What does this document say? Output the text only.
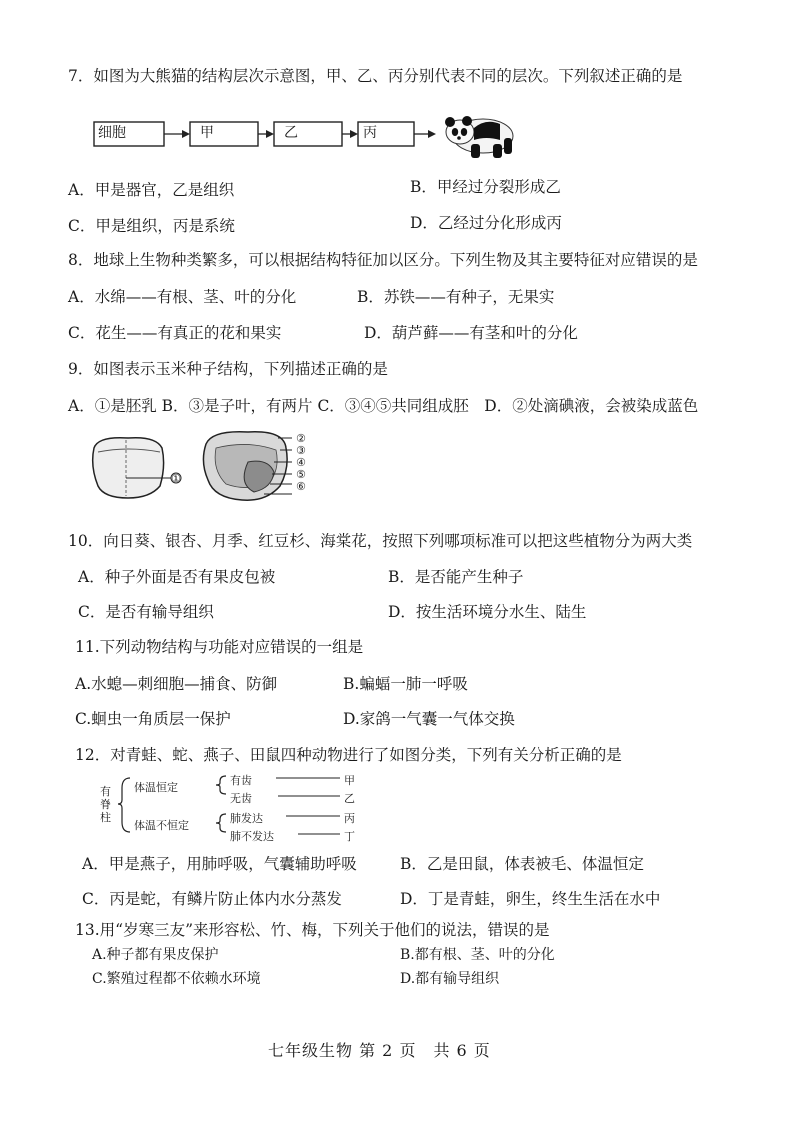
7．如图为大熊猫的结构层次示意图，甲、乙、丙分别代表不同的层次。下列叙述正确的是
细胞	甲	乙	丙
A．甲是器官，乙是组织	B．甲经过分裂形成乙
C．甲是组织，丙是系统	D．乙经过分化形成丙
8．地球上生物种类繁多，可以根据结构特征加以区分。下列生物及其主要特征对应错误的是
A．水绵——有根、茎、叶的分化	B．苏铁——有种子，无果实
C．花生——有真正的花和果实	D．葫芦藓——有茎和叶的分化
9．如图表示玉米种子结构，下列描述正确的是
A．①是胚乳 B．③是子叶，有两片 C．③④⑤共同组成胚　D．②处滴碘液，会被染成蓝色
①
②
③
④
⑤
⑥
10．向日葵、银杏、月季、红豆杉、海棠花，按照下列哪项标准可以把这些植物分为两大类
A．种子外面是否有果皮包被	B．是否能产生种子
C．是否有输导组织	D．按生活环境分水生、陆生
11.下列动物结构与功能对应错误的一组是
A.水螅—刺细胞—捕食、防御	B.蝙蝠一肺一呼吸
C.蛔虫一角质层一保护	D.家鸽一气囊一气体交换
12．对青蛙、蛇、燕子、田鼠四种动物进行了如图分类，下列有关分析正确的是
有
脊
柱
体温恒定
体温不恒定
有齿
无齿
肺发达
肺不发达
甲
乙
丙
丁
A．甲是燕子，用肺呼吸，气囊辅助呼吸	B．乙是田鼠，体表被毛、体温恒定
C．丙是蛇，有鳞片防止体内水分蒸发	D．丁是青蛙，卵生，终生生活在水中
13.用“岁寒三友”来形容松、竹、梅，下列关于他们的说法，错误的是
A.种子都有果皮保护	B.都有根、茎、叶的分化
C.繁殖过程都不依赖水环境	D.都有输导组织
七年级生物 第 2 页　共 6 页
